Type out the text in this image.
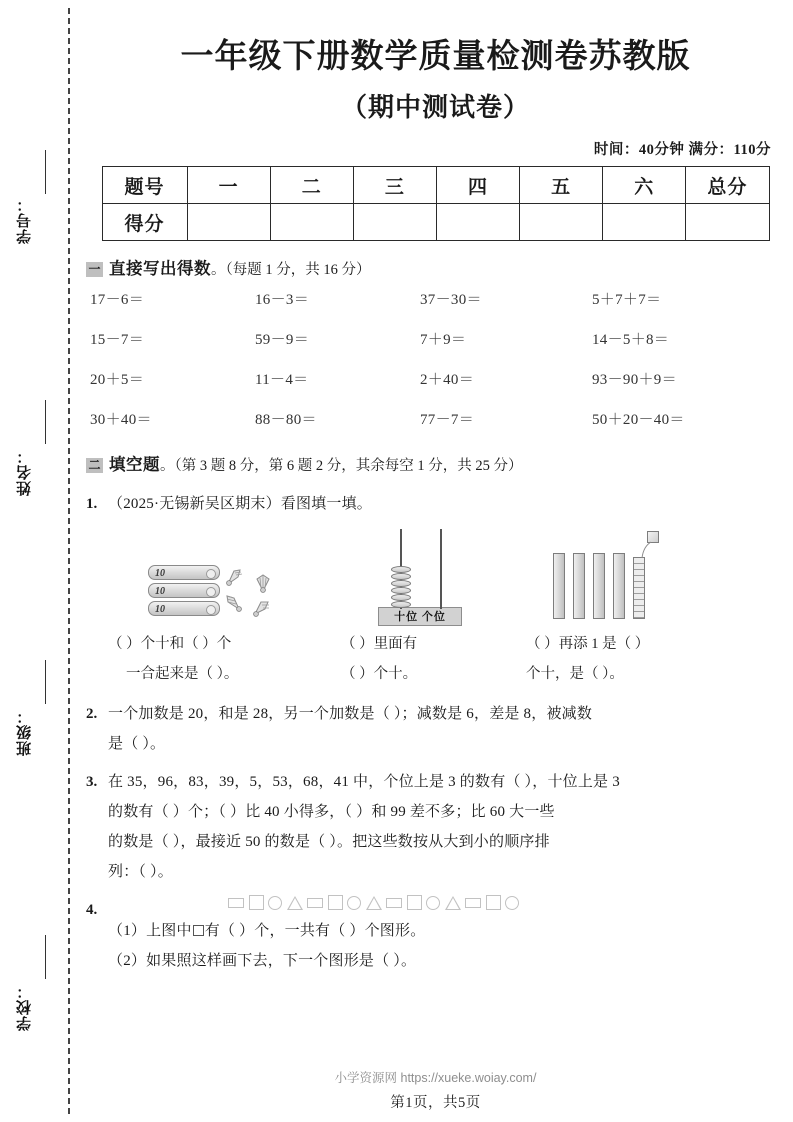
学号：
姓名：
班级：
学校：
一年级下册数学质量检测卷苏教版
（期中测试卷）
时间：40分钟 满分：110分
题号	一	二	三	四	五	六	总分
得分							
一 直接写出得数 。（每题 1 分，共 16 分）
17－6＝	16－3＝	37－30＝	5＋7＋7＝
15－7＝	59－9＝	7＋9＝	14－5＋8＝
20＋5＝	11－4＝	2＋40＝	93－90＋9＝
30＋40＝	88－80＝	77－7＝	50＋20－40＝
二 填空题 。（第 3 题 8 分，第 6 题 2 分，其余每空 1 分，共 25 分）
1. （2025·无锡新吴区期末）看图填一填。
10
10
10
十位 个位
（ ）个十和（ ）个	（ ）里面有	（ ）再添 1 是（ ）
一合起来是（ ）。	（ ）个十。	个十，是（ ）。
2. 一个加数是 20，和是 28，另一个加数是（ ）；减数是 6，差是 8，被减数
是（ ）。
3. 在 35，96，83，39，5，53，68，41 中，个位上是 3 的数有（ ），十位上是 3
的数有（ ）个；（ ）比 40 小得多，（ ）和 99 差不多；比 60 大一些
的数是（ ），最接近 50 的数是（ ）。把这些数按从大到小的顺序排
列：（ ）。
4.
（1）上图中 有（ ）个，一共有（ ）个图形。
（2）如果照这样画下去，下一个图形是（ ）。
小学资源网 https://xueke.woiay.com/
第1页，共5页
